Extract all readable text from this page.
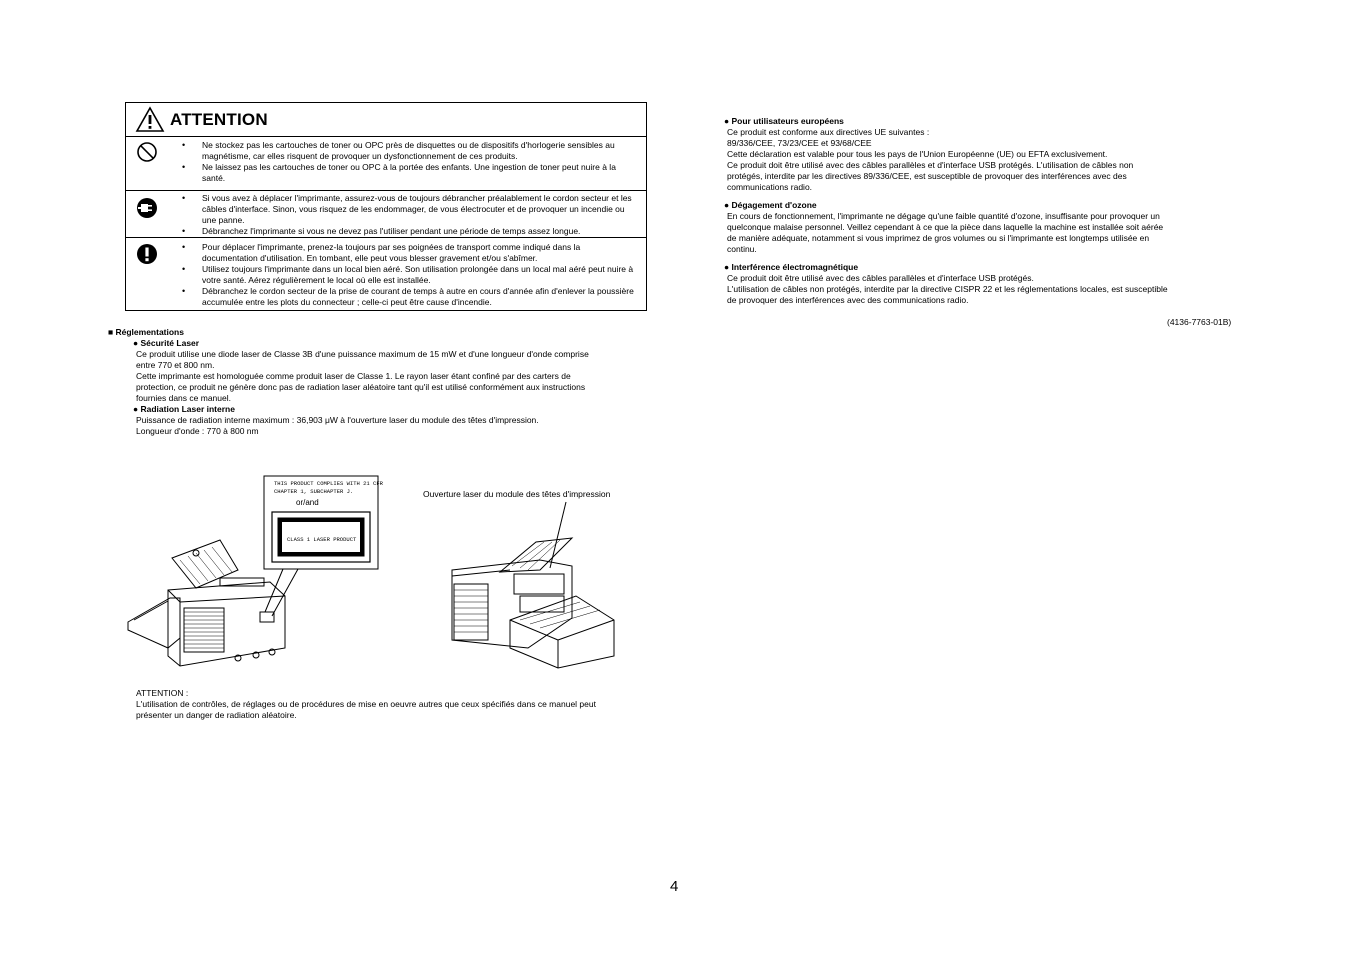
ATTENTION
• Ne stockez pas les cartouches de toner ou OPC près de disquettes ou de dispositifs d'horlogerie sensibles au magnétisme, car elles risquent de provoquer un dysfonctionnement de ces produits.
• Ne laissez pas les cartouches de toner ou OPC à la portée des enfants. Une ingestion de toner peut nuire à la santé.
• Si vous avez à déplacer l'imprimante, assurez-vous de toujours débrancher préalablement le cordon secteur et les câbles d'interface. Sinon, vous risquez de les endommager, de vous électrocuter et de provoquer un incendie ou une panne.
• Débranchez l'imprimante si vous ne devez pas l'utiliser pendant une période de temps assez longue.
• Pour déplacer l'imprimante, prenez-la toujours par ses poignées de transport comme indiqué dans la documentation d'utilisation. En tombant, elle peut vous blesser gravement et/ou s'abîmer.
• Utilisez toujours l'imprimante dans un local bien aéré. Son utilisation prolongée dans un local mal aéré peut nuire à votre santé. Aérez régulièrement le local où elle est installée.
• Débranchez le cordon secteur de la prise de courant de temps à autre en cours d'année afin d'enlever la poussière accumulée entre les plots du connecteur ; celle-ci peut être cause d'incendie.
■ Réglementations
● Sécurité Laser
Ce produit utilise une diode laser de Classe 3B d'une puissance maximum de 15 mW et d'une longueur d'onde comprise
entre 770 et 800 nm.
Cette imprimante est homologuée comme produit laser de Classe 1. Le rayon laser étant confiné par des carters de
protection, ce produit ne génère donc pas de radiation laser aléatoire tant qu'il est utilisé conformément aux instructions
fournies dans ce manuel.
● Radiation Laser interne
Puissance de radiation interne maximum : 36,903 μW à l'ouverture laser du module des têtes d'impression.
Longueur d'onde : 770 à 800 nm
THIS PRODUCT COMPLIES WITH 21 CFR
CHAPTER 1, SUBCHAPTER J.
or/and
CLASS 1 LASER PRODUCT
Ouverture laser du module des têtes d'impression
ATTENTION :
L'utilisation de contrôles, de réglages ou de procédures de mise en oeuvre autres que ceux spécifiés dans ce manuel peut
présenter un danger de radiation aléatoire.
● Pour utilisateurs européens
Ce produit est conforme aux directives UE suivantes :
89/336/CEE, 73/23/CEE et 93/68/CEE
Cette déclaration est valable pour tous les pays de l'Union Européenne (UE) ou EFTA exclusivement.
Ce produit doit être utilisé avec des câbles parallèles et d'interface USB protégés. L'utilisation de câbles non
protégés, interdite par les directives 89/336/CEE, est susceptible de provoquer des interférences avec des
communications radio.
● Dégagement d'ozone
En cours de fonctionnement, l'imprimante ne dégage qu'une faible quantité d'ozone, insuffisante pour provoquer un
quelconque malaise personnel. Veillez cependant à ce que la pièce dans laquelle la machine est installée soit aérée
de manière adéquate, notamment si vous imprimez de gros volumes ou si l'imprimante est longtemps utilisée en
continu.
● Interférence électromagnétique
Ce produit doit être utilisé avec des câbles parallèles et d'interface USB protégés.
L'utilisation de câbles non protégés, interdite par la directive CISPR 22 et les réglementations locales, est susceptible
de provoquer des interférences avec des communications radio.
(4136-7763-01B)
4
